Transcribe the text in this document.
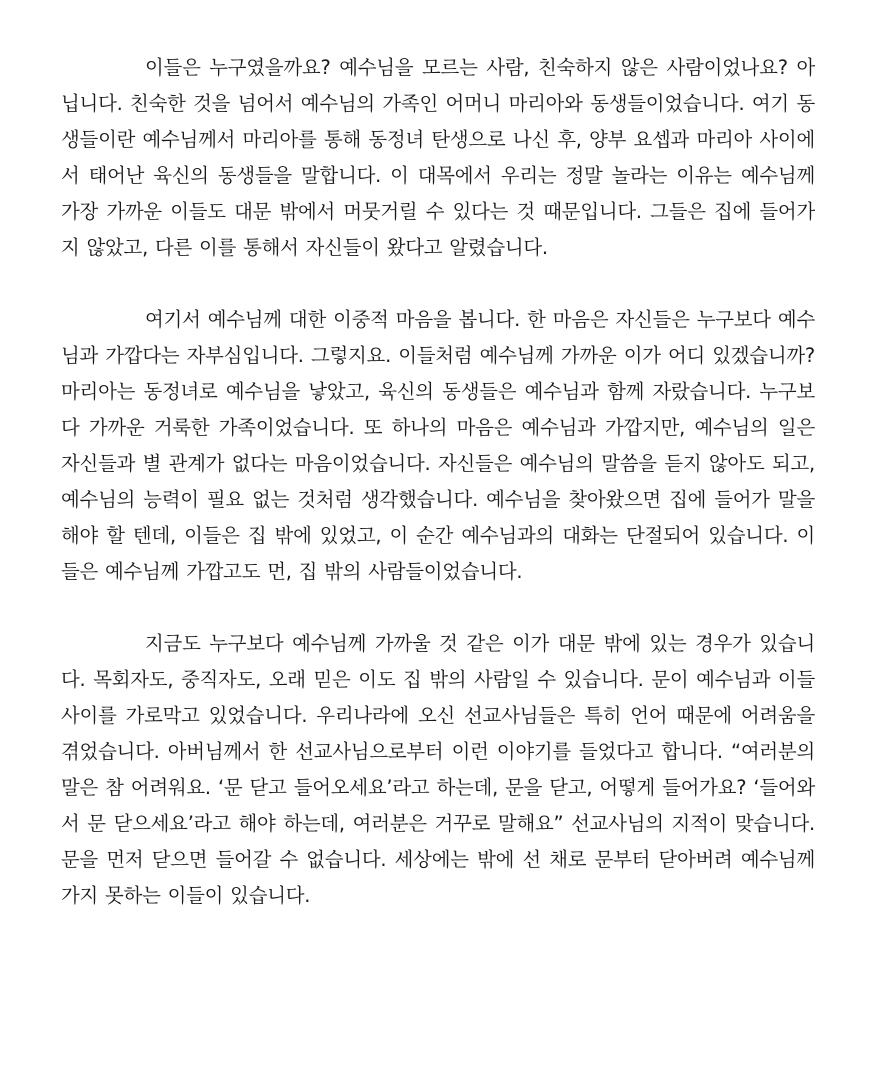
이들은 누구였을까요? 예수님을 모르는 사람, 친숙하지 않은 사람이었나요? 아닙니다. 친숙한 것을 넘어서 예수님의 가족인 어머니 마리아와 동생들이었습니다. 여기 동생들이란 예수님께서 마리아를 통해 동정녀 탄생으로 나신 후, 양부 요셉과 마리아 사이에서 태어난 육신의 동생들을 말합니다. 이 대목에서 우리는 정말 놀라는 이유는 예수님께 가장 가까운 이들도 대문 밖에서 머뭇거릴 수 있다는 것 때문입니다. 그들은 집에 들어가지 않았고, 다른 이를 통해서 자신들이 왔다고 알렸습니다.

여기서 예수님께 대한 이중적 마음을 봅니다. 한 마음은 자신들은 누구보다 예수님과 가깝다는 자부심입니다. 그렇지요. 이들처럼 예수님께 가까운 이가 어디 있겠습니까? 마리아는 동정녀로 예수님을 낳았고, 육신의 동생들은 예수님과 함께 자랐습니다. 누구보다 가까운 거룩한 가족이었습니다. 또 하나의 마음은 예수님과 가깝지만, 예수님의 일은 자신들과 별 관계가 없다는 마음이었습니다. 자신들은 예수님의 말씀을 듣지 않아도 되고, 예수님의 능력이 필요 없는 것처럼 생각했습니다. 예수님을 찾아왔으면 집에 들어가 말을 해야 할 텐데, 이들은 집 밖에 있었고, 이 순간 예수님과의 대화는 단절되어 있습니다. 이들은 예수님께 가깝고도 먼, 집 밖의 사람들이었습니다.

지금도 누구보다 예수님께 가까울 것 같은 이가 대문 밖에 있는 경우가 있습니다. 목회자도, 중직자도, 오래 믿은 이도 집 밖의 사람일 수 있습니다. 문이 예수님과 이들 사이를 가로막고 있었습니다. 우리나라에 오신 선교사님들은 특히 언어 때문에 어려움을 겪었습니다. 아버님께서 한 선교사님으로부터 이런 이야기를 들었다고 합니다. “여러분의 말은 참 어려워요. ‘문 닫고 들어오세요’라고 하는데, 문을 닫고, 어떻게 들어가요? ‘들어와서 문 닫으세요’라고 해야 하는데, 여러분은 거꾸로 말해요” 선교사님의 지적이 맞습니다. 문을 먼저 닫으면 들어갈 수 없습니다. 세상에는 밖에 선 채로 문부터 닫아버려 예수님께 가지 못하는 이들이 있습니다.
